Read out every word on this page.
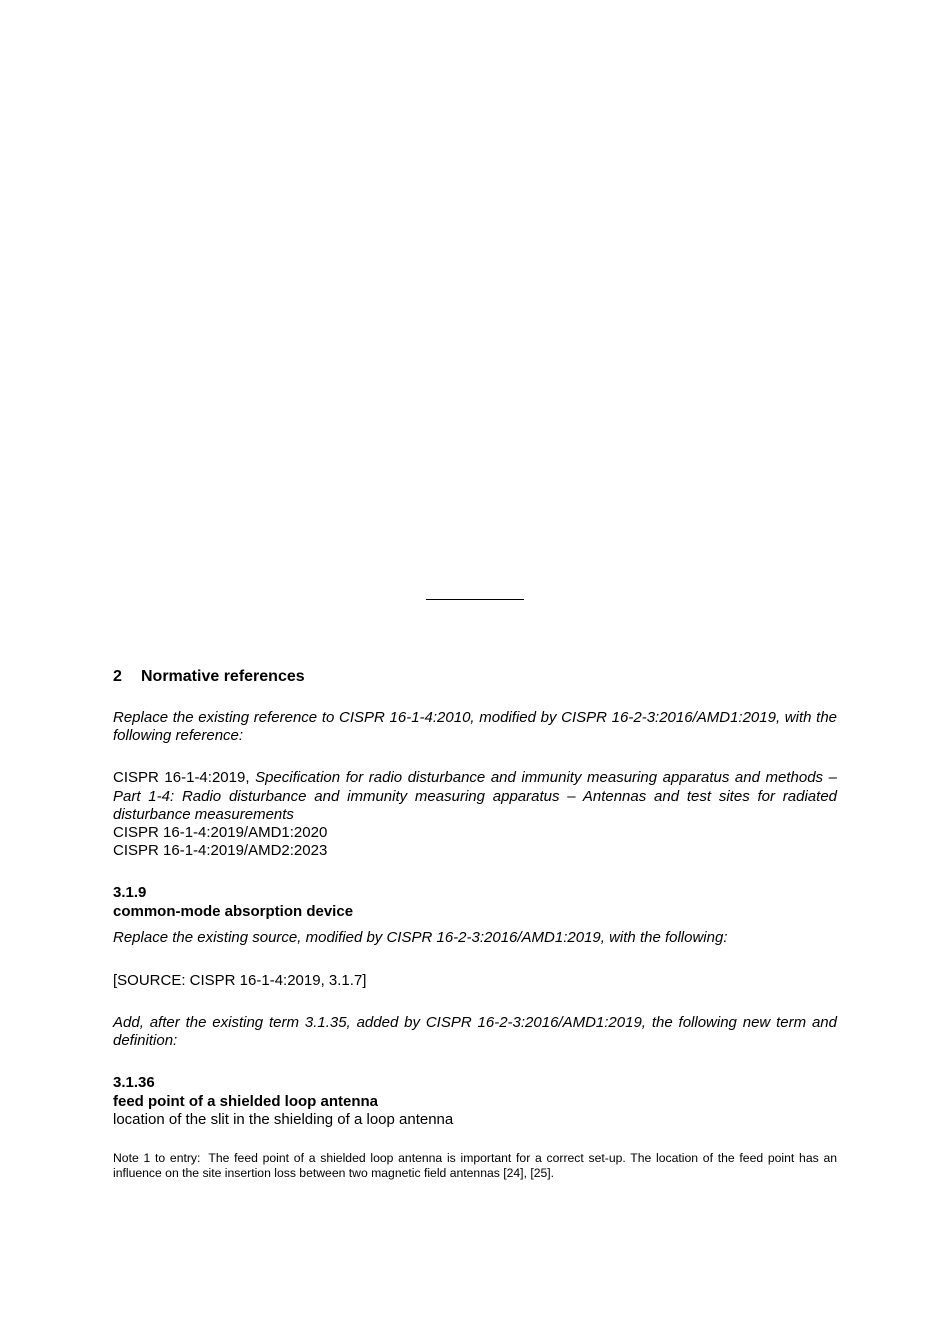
2	Normative references

Replace the existing reference to CISPR 16-1-4:2010, modified by CISPR 16-2-3:2016/AMD1:2019, with the following reference:

CISPR 16-1-4:2019, Specification for radio disturbance and immunity measuring apparatus and methods – Part 1-4: Radio disturbance and immunity measuring apparatus – Antennas and test sites for radiated disturbance measurements
CISPR 16-1-4:2019/AMD1:2020
CISPR 16-1-4:2019/AMD2:2023
3.1.9
common-mode absorption device

Replace the existing source, modified by CISPR 16-2-3:2016/AMD1:2019, with the following:

[SOURCE: CISPR 16-1-4:2019, 3.1.7]

Add, after the existing term 3.1.35, added by CISPR 16-2-3:2016/AMD1:2019, the following new term and definition:

3.1.36
feed point of a shielded loop antenna

location of the slit in the shielding of a loop antenna

Note 1 to entry: The feed point of a shielded loop antenna is important for a correct set-up. The location of the feed point has an influence on the site insertion loss between two magnetic field antennas [24], [25].
